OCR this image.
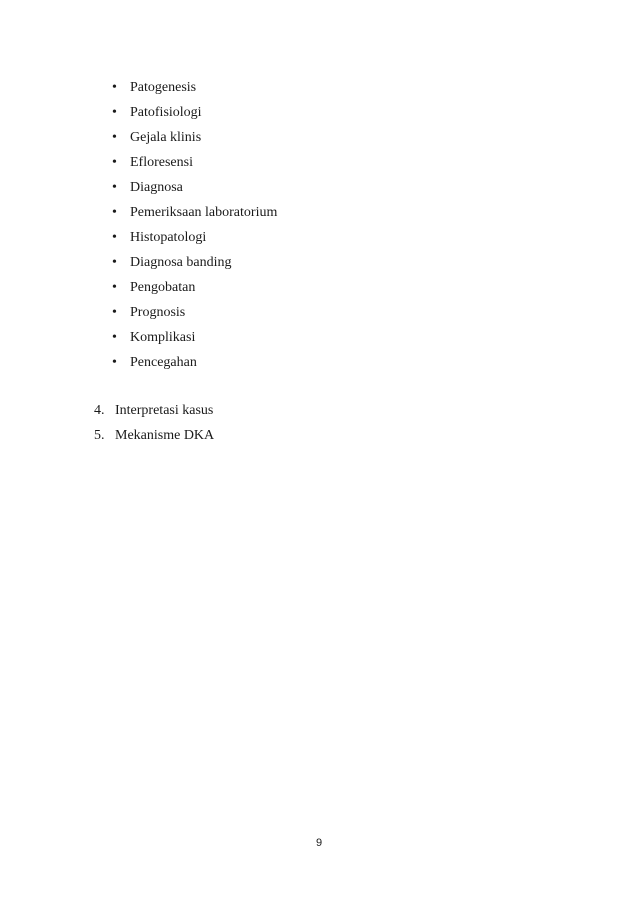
• Patogenesis
• Patofisiologi
• Gejala klinis
• Efloresensi
• Diagnosa
• Pemeriksaan laboratorium
• Histopatologi
• Diagnosa banding
• Pengobatan
• Prognosis
• Komplikasi
• Pencegahan
4. Interpretasi kasus
5. Mekanisme DKA
9
